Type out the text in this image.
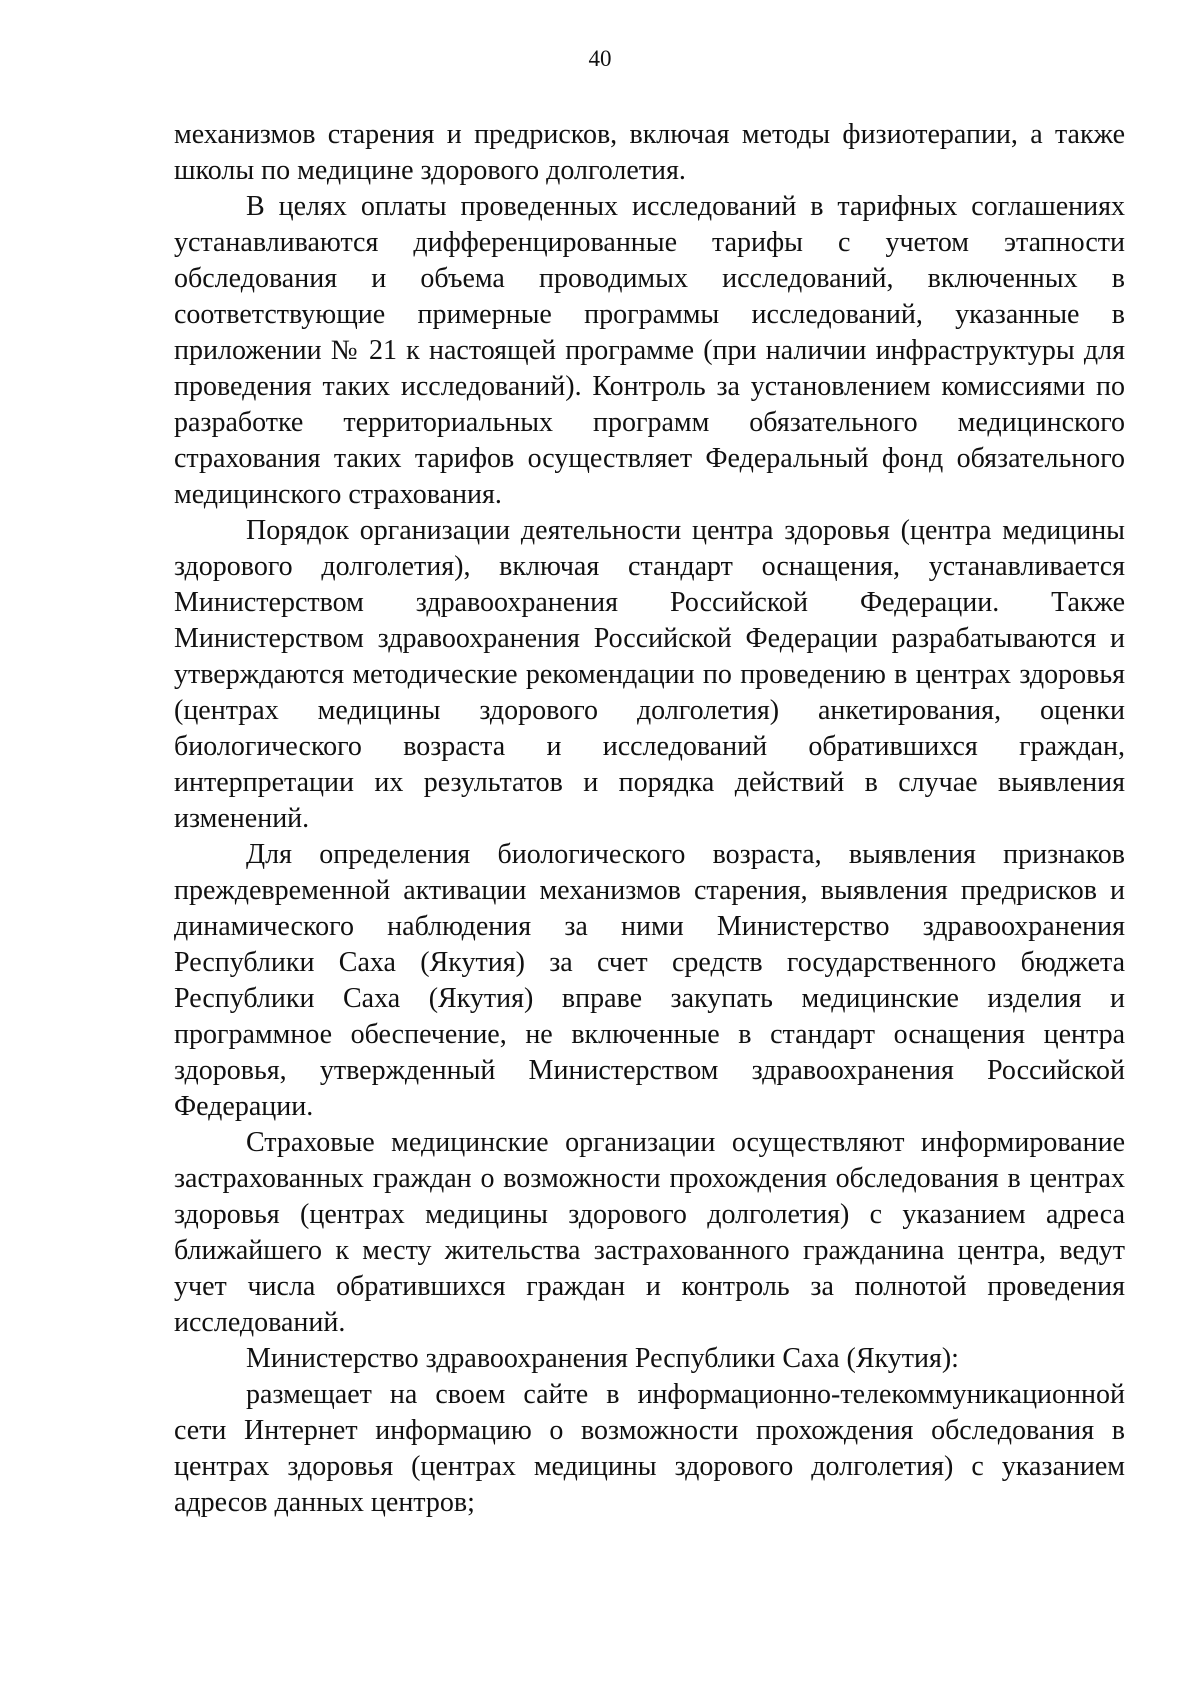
40

механизмов старения и предрисков, включая методы физиотерапии, а также школы по медицине здорового долголетия.

В целях оплаты проведенных исследований в тарифных соглашениях устанавливаются дифференцированные тарифы с учетом этапности обследования и объема проводимых исследований, включенных в соответствующие примерные программы исследований, указанные в приложении № 21 к настоящей программе (при наличии инфраструктуры для проведения таких исследований). Контроль за установлением комиссиями по разработке территориальных программ обязательного медицинского страхования таких тарифов осуществляет Федеральный фонд обязательного медицинского страхования.

Порядок организации деятельности центра здоровья (центра медицины здорового долголетия), включая стандарт оснащения, устанавливается Министерством здравоохранения Российской Федерации. Также Министерством здравоохранения Российской Федерации разрабатываются и утверждаются методические рекомендации по проведению в центрах здоровья (центрах медицины здорового долголетия) анкетирования, оценки биологического возраста и исследований обратившихся граждан, интерпретации их результатов и порядка действий в случае выявления изменений.

Для определения биологического возраста, выявления признаков преждевременной активации механизмов старения, выявления предрисков и динамического наблюдения за ними Министерство здравоохранения Республики Саха (Якутия) за счет средств государственного бюджета Республики Саха (Якутия) вправе закупать медицинские изделия и программное обеспечение, не включенные в стандарт оснащения центра здоровья, утвержденный Министерством здравоохранения Российской Федерации.

Страховые медицинские организации осуществляют информирование застрахованных граждан о возможности прохождения обследования в центрах здоровья (центрах медицины здорового долголетия) с указанием адреса ближайшего к месту жительства застрахованного гражданина центра, ведут учет числа обратившихся граждан и контроль за полнотой проведения исследований.

Министерство здравоохранения Республики Саха (Якутия):

размещает на своем сайте в информационно-телекоммуникационной сети Интернет информацию о возможности прохождения обследования в центрах здоровья (центрах медицины здорового долголетия) с указанием адресов данных центров;
